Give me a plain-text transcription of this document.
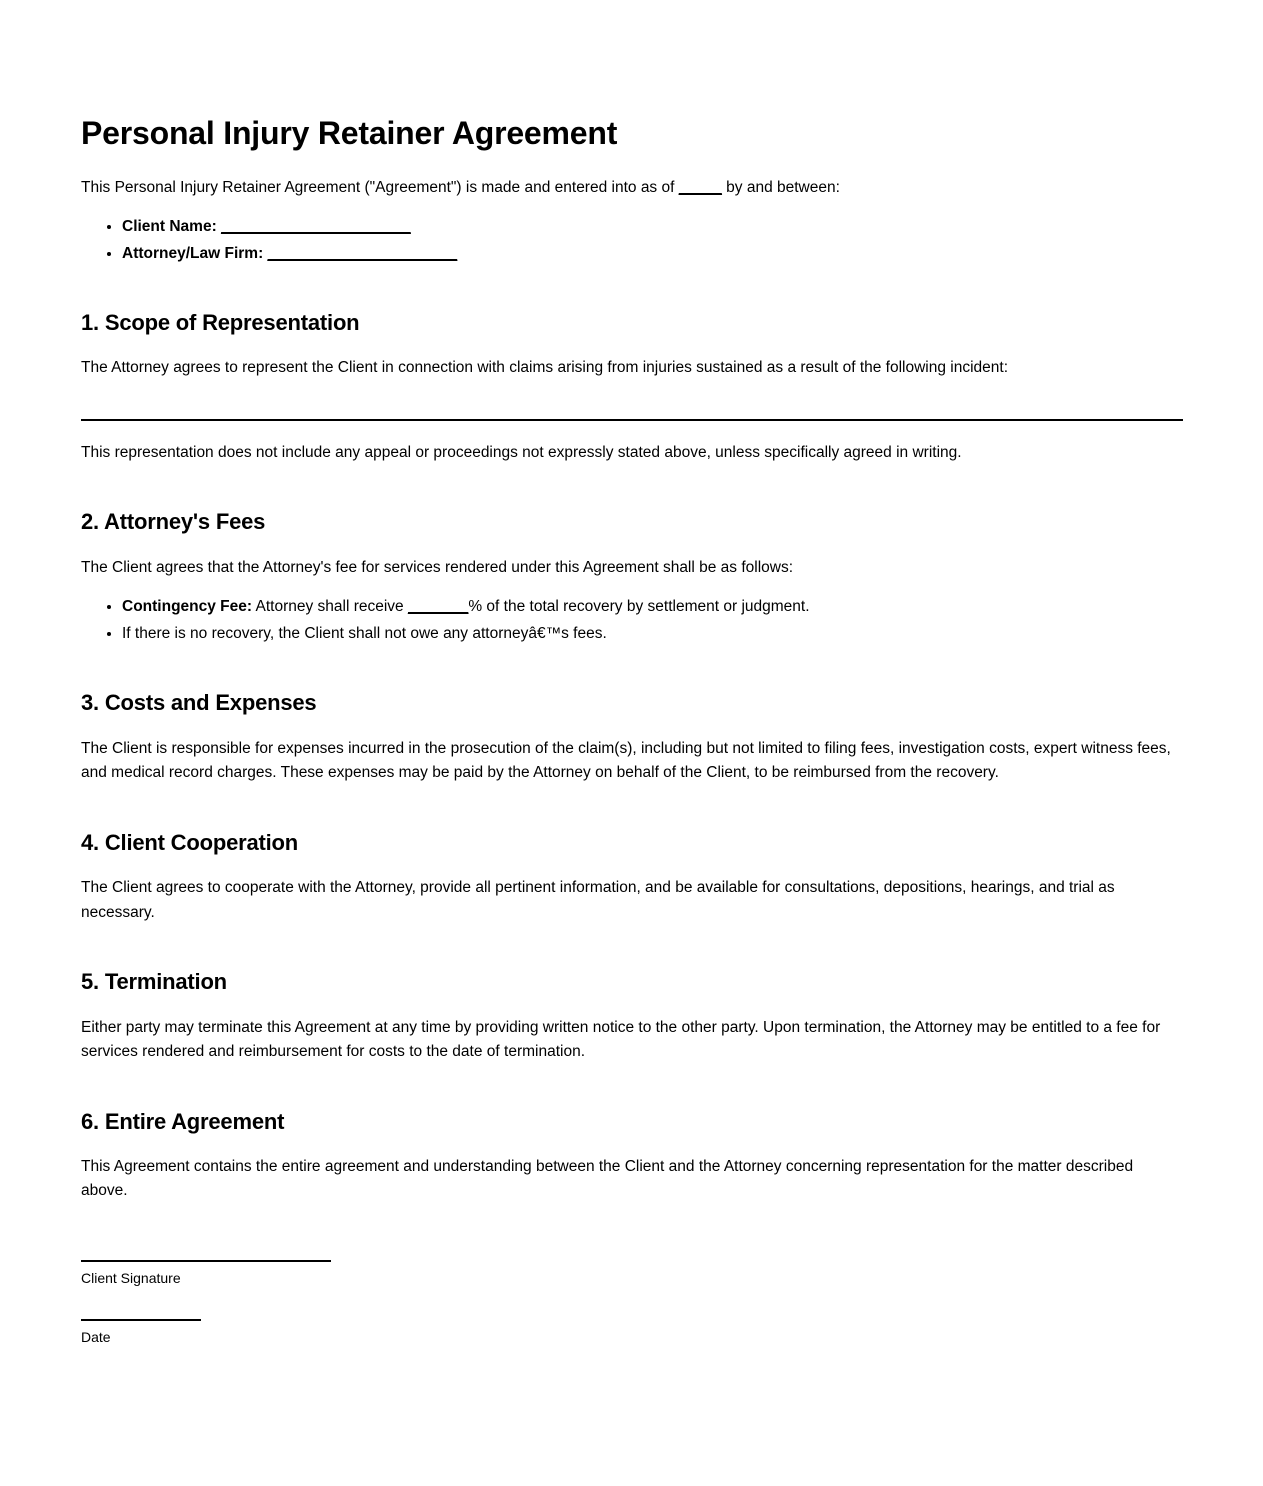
Personal Injury Retainer Agreement

This Personal Injury Retainer Agreement ("Agreement") is made and entered into as of _____ by and between:

• Client Name: ______________________
• Attorney/Law Firm: ______________________
1. Scope of Representation

The Attorney agrees to represent the Client in connection with claims arising from injuries sustained as a result of the following incident:

This representation does not include any appeal or proceedings not expressly stated above, unless specifically agreed in writing.

2. Attorney's Fees

The Client agrees that the Attorney's fee for services rendered under this Agreement shall be as follows:

• Contingency Fee: Attorney shall receive _______% of the total recovery by settlement or judgment.
• If there is no recovery, the Client shall not owe any attorneyâ€™s fees.
3. Costs and Expenses

The Client is responsible for expenses incurred in the prosecution of the claim(s), including but not limited to filing fees, investigation costs, expert witness fees, and medical record charges. These expenses may be paid by the Attorney on behalf of the Client, to be reimbursed from the recovery.

4. Client Cooperation

The Client agrees to cooperate with the Attorney, provide all pertinent information, and be available for consultations, depositions, hearings, and trial as necessary.

5. Termination

Either party may terminate this Agreement at any time by providing written notice to the other party. Upon termination, the Attorney may be entitled to a fee for services rendered and reimbursement for costs to the date of termination.

6. Entire Agreement

This Agreement contains the entire agreement and understanding between the Client and the Attorney concerning representation for the matter described above.

Client Signature

Date
